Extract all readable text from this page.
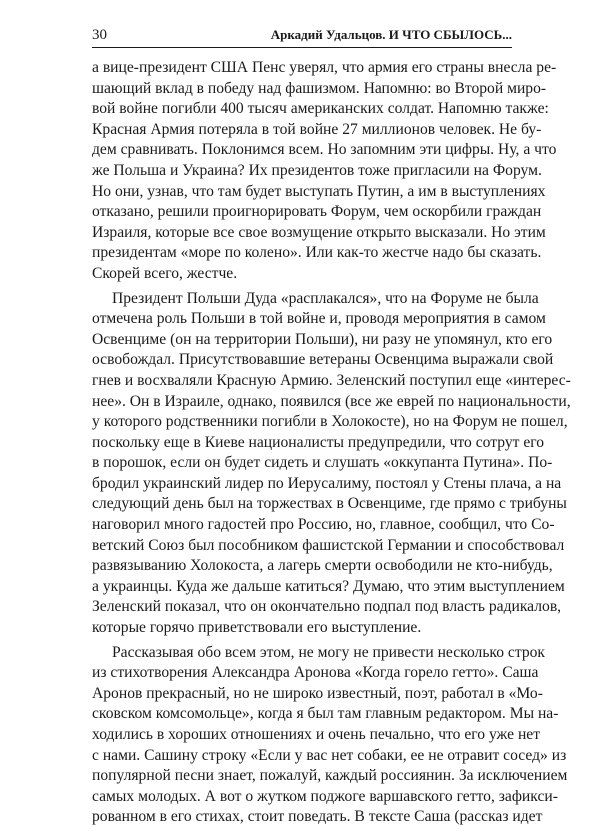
30	Аркадий Удальцов. И ЧТО СБЫЛОСЬ...
а вице-президент США Пенс уверял, что армия его страны внесла ре-
шающий вклад в победу над фашизмом. Напомню: во Второй миро-
вой войне погибли 400 тысяч американских солдат. Напомню также:
Красная Армия потеряла в той войне 27 миллионов человек. Не бу-
дем сравнивать. Поклонимся всем. Но запомним эти цифры. Ну, а что
же Польша и Украина? Их президентов тоже пригласили на Форум.
Но они, узнав, что там будет выступать Путин, а им в выступлениях
отказано, решили проигнорировать Форум, чем оскорбили граждан
Израиля, которые все свое возмущение открыто высказали. Но этим
президентам «море по колено». Или как-то жестче надо бы сказать.
Скорей всего, жестче.
Президент Польши Дуда «расплакался», что на Форуме не была
отмечена роль Польши в той войне и, проводя мероприятия в самом
Освенциме (он на территории Польши), ни разу не упомянул, кто его
освобождал. Присутствовавшие ветераны Освенцима выражали свой
гнев и восхваляли Красную Армию. Зеленский поступил еще «интерес-
нее». Он в Израиле, однако, появился (все же еврей по национальности,
у которого родственники погибли в Холокосте), но на Форум не пошел,
поскольку еще в Киеве националисты предупредили, что сотрут его
в порошок, если он будет сидеть и слушать «оккупанта Путина». По-
бродил украинский лидер по Иерусалиму, постоял у Стены плача, а на
следующий день был на торжествах в Освенциме, где прямо с трибуны
наговорил много гадостей про Россию, но, главное, сообщил, что Со-
ветский Союз был пособником фашистской Германии и способствовал
развязыванию Холокоста, а лагерь смерти освободили не кто-нибудь,
а украинцы. Куда же дальше катиться? Думаю, что этим выступлением
Зеленский показал, что он окончательно подпал под власть радикалов,
которые горячо приветствовали его выступление.
Рассказывая обо всем этом, не могу не привести несколько строк
из стихотворения Александра Аронова «Когда горело гетто». Саша
Аронов прекрасный, но не широко известный, поэт, работал в «Мо-
сковском комсомольце», когда я был там главным редактором. Мы на-
ходились в хороших отношениях и очень печально, что его уже нет
с нами. Сашину строку «Если у вас нет собаки, ее не отравит сосед» из
популярной песни знает, пожалуй, каждый россиянин. За исключением
самых молодых. А вот о жутком поджоге варшавского гетто, зафикси-
рованном в его стихах, стоит поведать. В тексте Саша (рассказ идет
